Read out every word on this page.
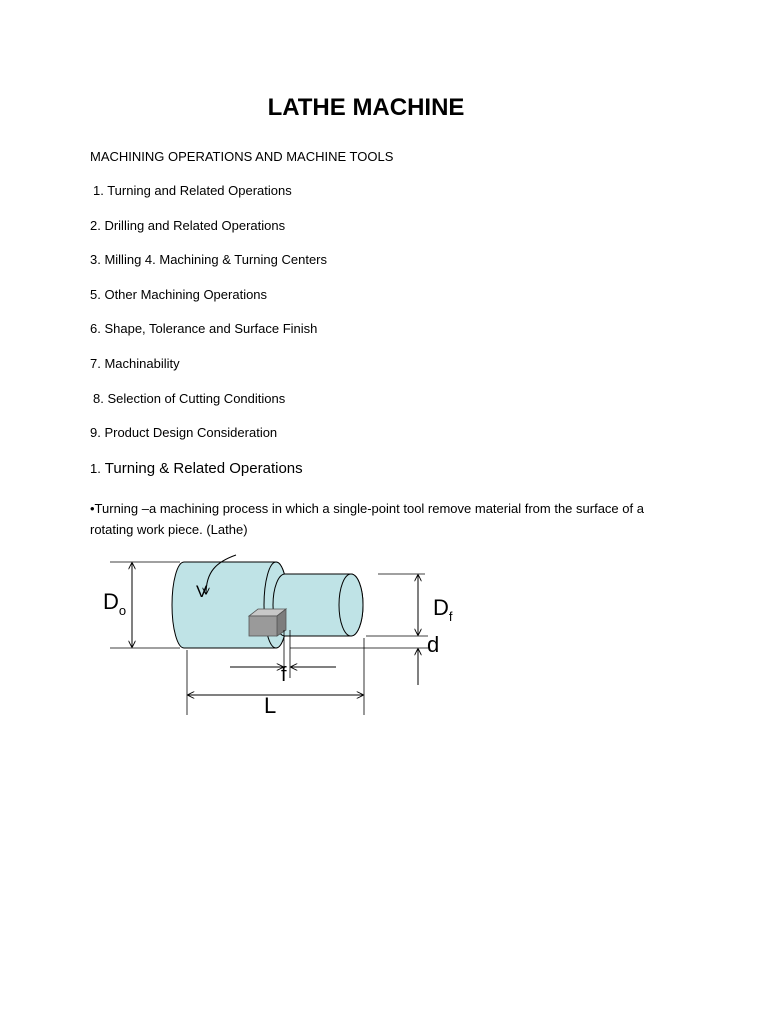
LATHE MACHINE

MACHINING OPERATIONS AND MACHINE TOOLS

1. Turning and Related Operations
2. Drilling and Related Operations
3. Milling 4. Machining & Turning Centers
5. Other Machining Operations
6. Shape, Tolerance and Surface Finish
7. Machinability
8. Selection of Cutting Conditions
9. Product Design Consideration
1. Turning & Related Operations

•Turning –a machining process in which a single-point tool remove material from the surface of a rotating work piece. (Lathe)

V
$D_o$	$D_f$
d
f
L
